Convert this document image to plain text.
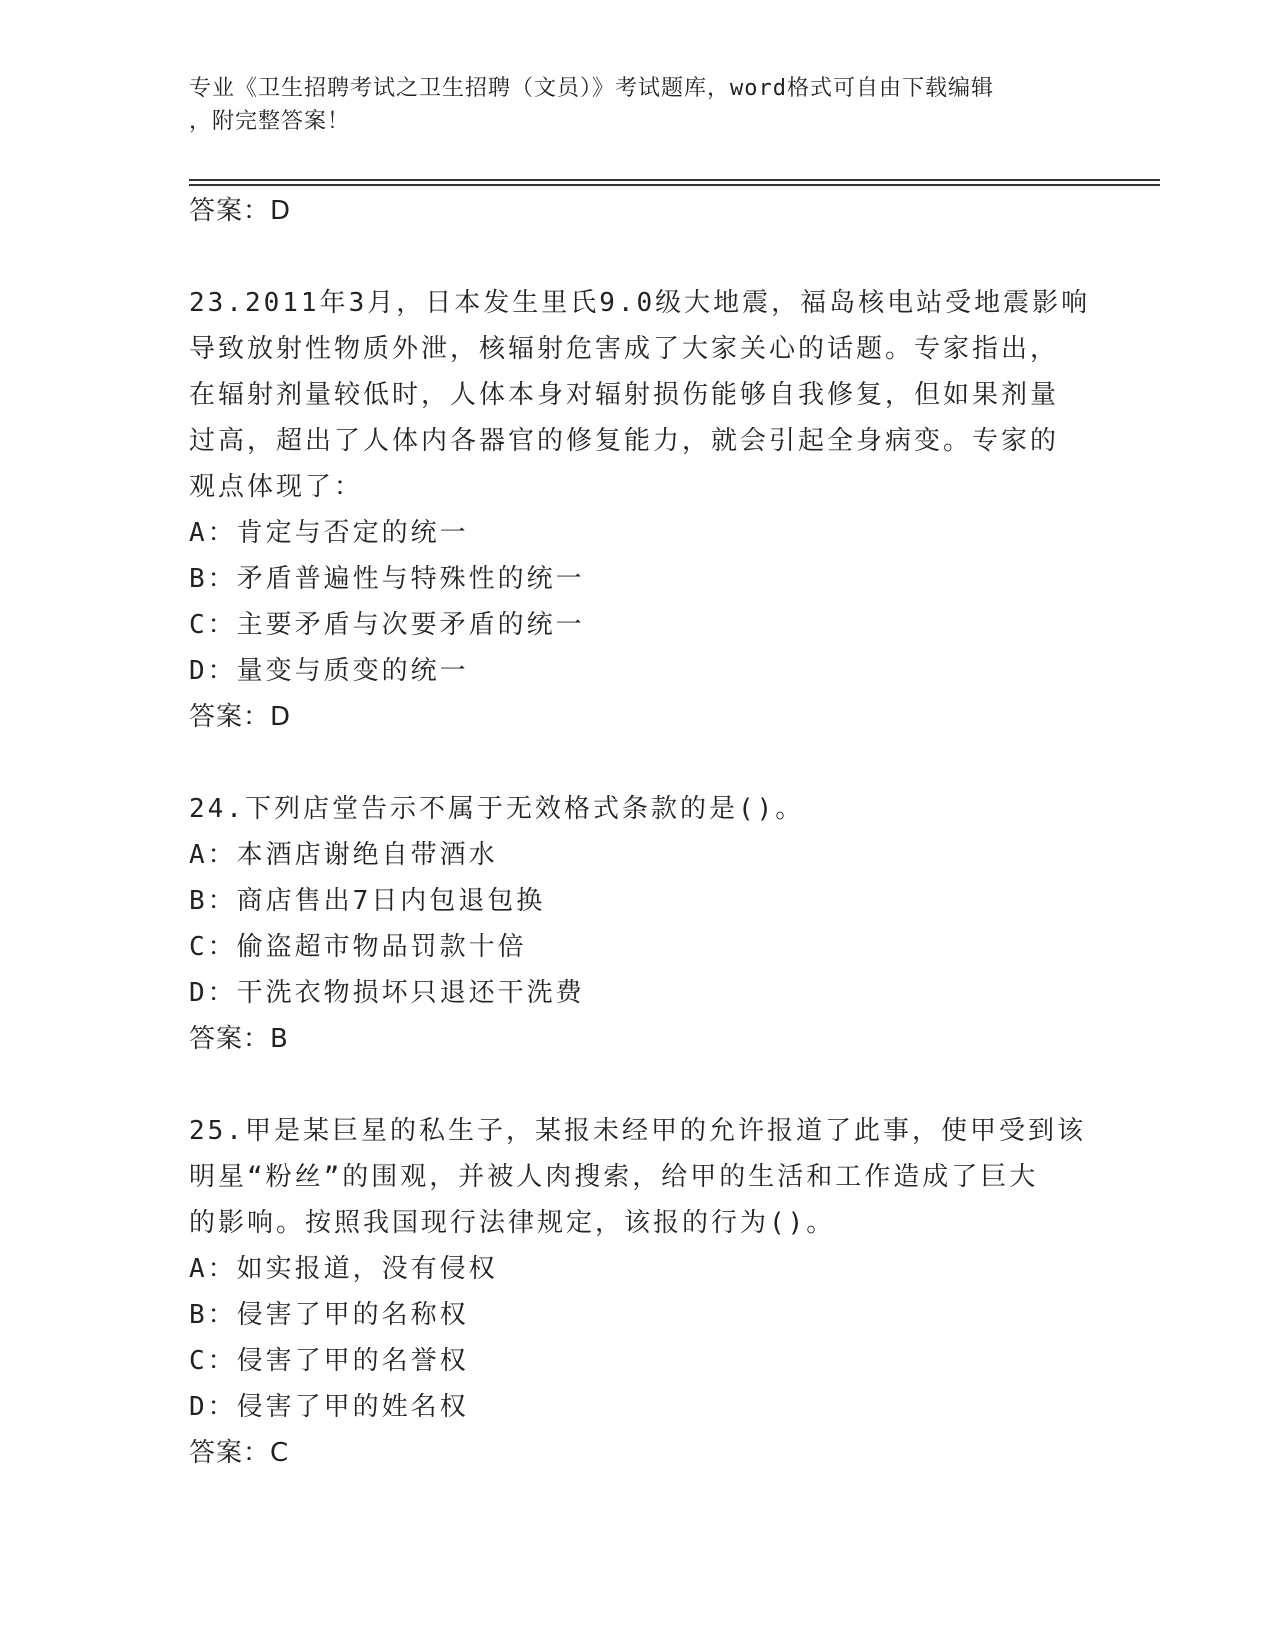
专业《卫生招聘考试之卫生招聘（文员）》考试题库，word格式可自由下载编辑
，附完整答案！
答案：D
23.2011年3月，日本发生里氏9.0级大地震，福岛核电站受地震影响
导致放射性物质外泄，核辐射危害成了大家关心的话题。专家指出，
在辐射剂量较低时，人体本身对辐射损伤能够自我修复，但如果剂量
过高，超出了人体内各器官的修复能力，就会引起全身病变。专家的
观点体现了：
A：肯定与否定的统一
B：矛盾普遍性与特殊性的统一
C：主要矛盾与次要矛盾的统一
D：量变与质变的统一
答案：D
24.下列店堂告示不属于无效格式条款的是()。
A：本酒店谢绝自带酒水
B：商店售出7日内包退包换
C：偷盗超市物品罚款十倍
D：干洗衣物损坏只退还干洗费
答案：B
25.甲是某巨星的私生子，某报未经甲的允许报道了此事，使甲受到该
明星“粉丝”的围观，并被人肉搜索，给甲的生活和工作造成了巨大
的影响。按照我国现行法律规定，该报的行为()。
A：如实报道，没有侵权
B：侵害了甲的名称权
C：侵害了甲的名誉权
D：侵害了甲的姓名权
答案：C
